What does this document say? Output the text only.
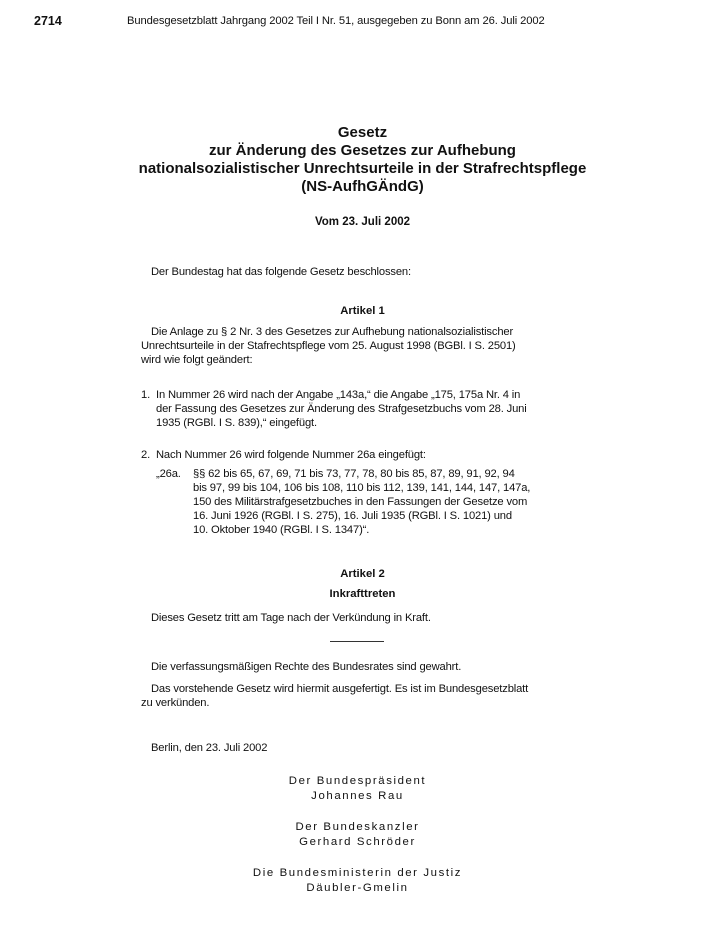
2714	Bundesgesetzblatt Jahrgang 2002 Teil I Nr. 51, ausgegeben zu Bonn am 26. Juli 2002
Gesetz
zur Änderung des Gesetzes zur Aufhebung
nationalsozialistischer Unrechtsurteile in der Strafrechtspflege
(NS-AufhGÄndG)
Vom 23. Juli 2002
Der Bundestag hat das folgende Gesetz beschlossen:
Artikel 1
Die Anlage zu § 2 Nr. 3 des Gesetzes zur Aufhebung nationalsozialistischer
Unrechtsurteile in der Stafrechtspflege vom 25. August 1998 (BGBl. I S. 2501)
wird wie folgt geändert:
1. In Nummer 26 wird nach der Angabe „143a,“ die Angabe „175, 175a Nr. 4 in
der Fassung des Gesetzes zur Änderung des Strafgesetzbuchs vom 28. Juni
1935 (RGBl. I S. 839),“ eingefügt.
2. Nach Nummer 26 wird folgende Nummer 26a eingefügt:
„26a. §§ 62 bis 65, 67, 69, 71 bis 73, 77, 78, 80 bis 85, 87, 89, 91, 92, 94
bis 97, 99 bis 104, 106 bis 108, 110 bis 112, 139, 141, 144, 147, 147a,
150 des Militärstrafgesetzbuches in den Fassungen der Gesetze vom
16. Juni 1926 (RGBl. I S. 275), 16. Juli 1935 (RGBl. I S. 1021) und
10. Oktober 1940 (RGBl. I S. 1347)“.
Artikel 2
Inkrafttreten
Dieses Gesetz tritt am Tage nach der Verkündung in Kraft.
Die verfassungsmäßigen Rechte des Bundesrates sind gewahrt.
Das vorstehende Gesetz wird hiermit ausgefertigt. Es ist im Bundesgesetzblatt
zu verkünden.
Berlin, den 23. Juli 2002
Der Bundespräsident
Johannes Rau
Der Bundeskanzler
Gerhard Schröder
Die Bundesministerin der Justiz
Däubler-Gmelin
